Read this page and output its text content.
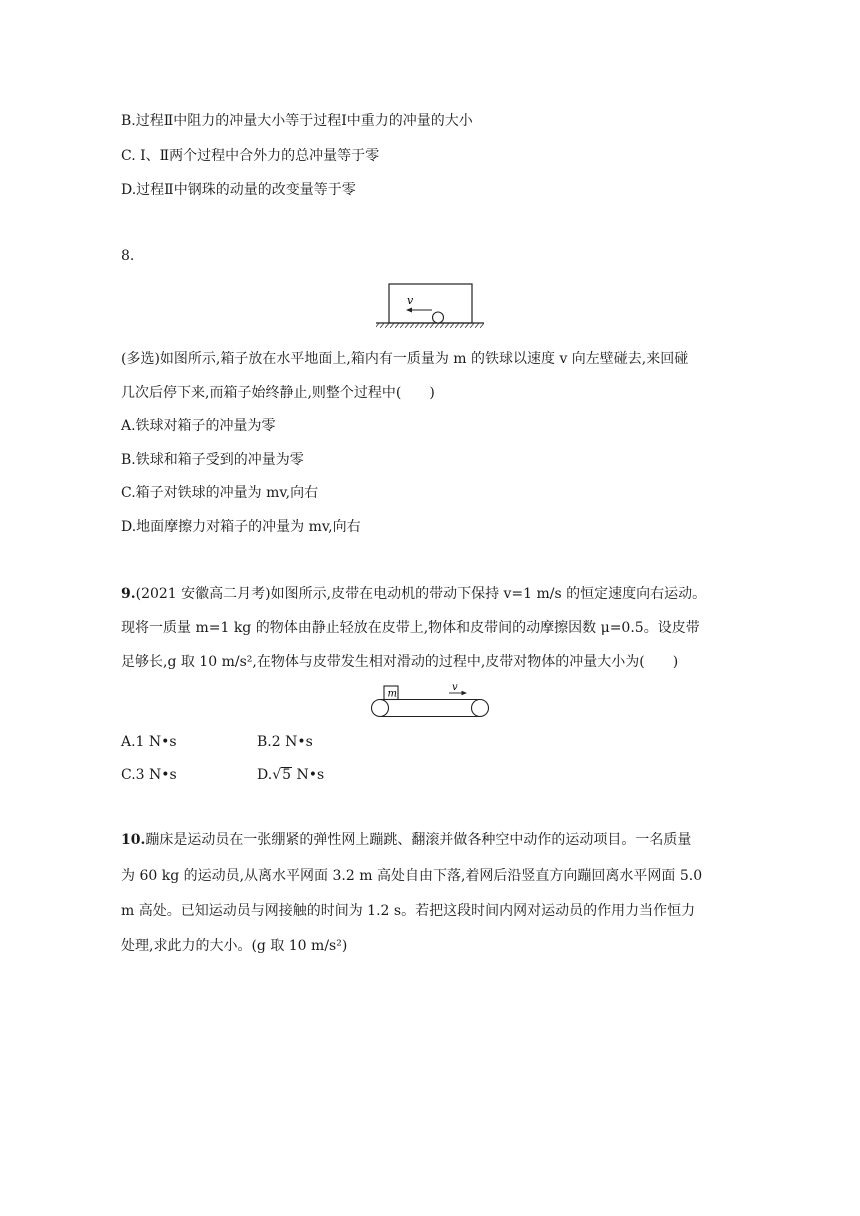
B.过程Ⅱ中阻力的冲量大小等于过程Ⅰ中重力的冲量的大小
C. Ⅰ、Ⅱ两个过程中合外力的总冲量等于零
D.过程Ⅱ中钢珠的动量的改变量等于零
8.
v
(多选)如图所示,箱子放在水平地面上,箱内有一质量为 m 的铁球以速度 v 向左壁碰去,来回碰
几次后停下来,而箱子始终静止,则整个过程中(　　)
A.铁球对箱子的冲量为零
B.铁球和箱子受到的冲量为零
C.箱子对铁球的冲量为 mv,向右
D.地面摩擦力对箱子的冲量为 mv,向右
9.(2021 安徽高二月考)如图所示,皮带在电动机的带动下保持 v=1 m/s 的恒定速度向右运动。
现将一质量 m=1 kg 的物体由静止轻放在皮带上,物体和皮带间的动摩擦因数 μ=0.5。设皮带
足够长,g 取 10 m/s²,在物体与皮带发生相对滑动的过程中,皮带对物体的冲量大小为(　　)
m
v
A.1 N•s	B.2 N•s
C.3 N•s	D.√5 N•s
10.蹦床是运动员在一张绷紧的弹性网上蹦跳、翻滚并做各种空中动作的运动项目。一名质量
为 60 kg 的运动员,从离水平网面 3.2 m 高处自由下落,着网后沿竖直方向蹦回离水平网面 5.0
m 高处。已知运动员与网接触的时间为 1.2 s。若把这段时间内网对运动员的作用力当作恒力
处理,求此力的大小。(g 取 10 m/s²)
